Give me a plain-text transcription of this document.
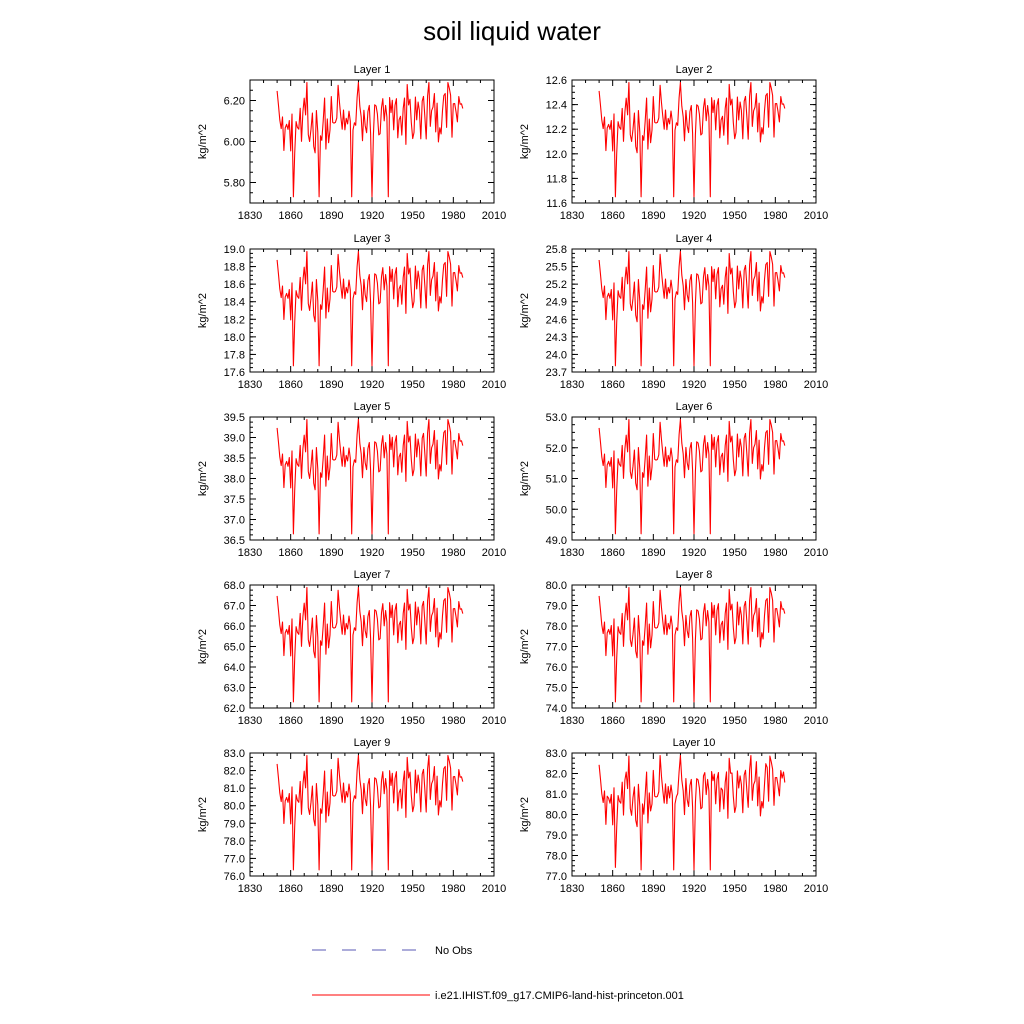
soil liquid water
Layer 1
kg/m^2
1830 1860 1890 1920 1950 1980 2010
5.80
6.00
6.20
Layer 2
kg/m^2
1830 1860 1890 1920 1950 1980 2010
11.6
11.8
12.0
12.2
12.4
12.6
Layer 3
kg/m^2
1830 1860 1890 1920 1950 1980 2010
17.6
17.8
18.0
18.2
18.4
18.6
18.8
19.0
Layer 4
kg/m^2
1830 1860 1890 1920 1950 1980 2010
23.7
24.0
24.3
24.6
24.9
25.2
25.5
25.8
Layer 5
kg/m^2
1830 1860 1890 1920 1950 1980 2010
36.5
37.0
37.5
38.0
38.5
39.0
39.5
Layer 6
kg/m^2
1830 1860 1890 1920 1950 1980 2010
49.0
50.0
51.0
52.0
53.0
Layer 7
kg/m^2
1830 1860 1890 1920 1950 1980 2010
62.0
63.0
64.0
65.0
66.0
67.0
68.0
Layer 8
kg/m^2
1830 1860 1890 1920 1950 1980 2010
74.0
75.0
76.0
77.0
78.0
79.0
80.0
Layer 9
kg/m^2
1830 1860 1890 1920 1950 1980 2010
76.0
77.0
78.0
79.0
80.0
81.0
82.0
83.0
Layer 10
kg/m^2
1830 1860 1890 1920 1950 1980 2010
77.0
78.0
79.0
80.0
81.0
82.0
83.0
No Obs
i.e21.IHIST.f09_g17.CMIP6-land-hist-princeton.001
